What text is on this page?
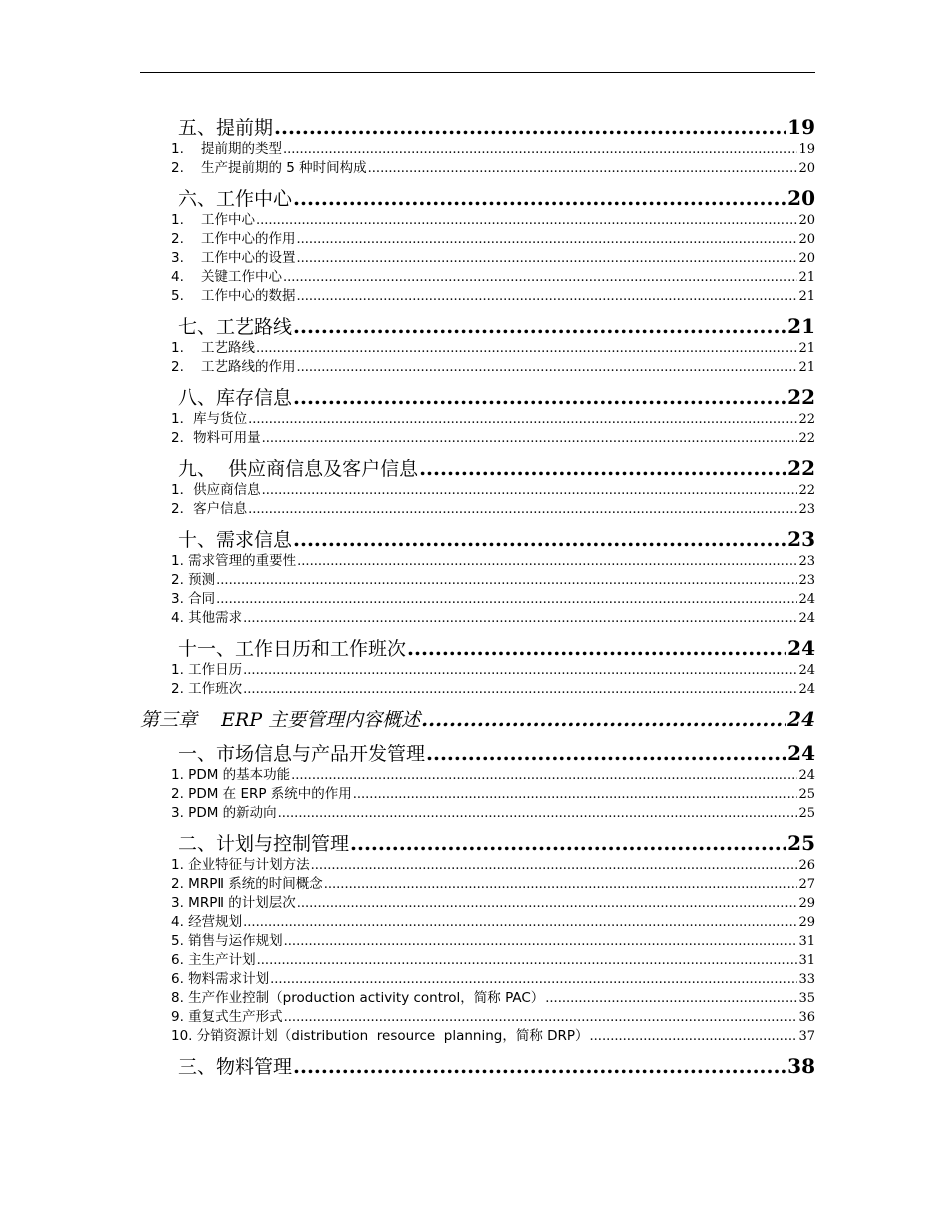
五、提前期 .....	19
1. 提前期的类型 .....	19
2. 生产提前期的 5 种时间构成 .....	20
六、工作中心 .....	20
1. 工作中心 .....	20
2. 工作中心的作用 .....	20
3. 工作中心的设置 .....	20
4. 关键工作中心 .....	21
5. 工作中心的数据 .....	21
七、工艺路线 .....	21
1. 工艺路线 .....	21
2. 工艺路线的作用 .....	21
八、库存信息 .....	22
1．库与货位 .....	22
2．物料可用量 .....	22
九、  供应商信息及客户信息 .....	22
1．供应商信息 .....	22
2．客户信息 .....	23
十、需求信息 .....	23
1. 需求管理的重要性 .....	23
2. 预测 .....	23
3. 合同 .....	24
4. 其他需求 .....	24
十一、工作日历和工作班次 .....	24
1. 工作日历 .....	24
2. 工作班次 .....	24
第三章    ERP 主要管理内容概述 .....	24
一、市场信息与产品开发管理 .....	24
1. PDM 的基本功能 .....	24
2. PDM 在 ERP 系统中的作用 .....	25
3. PDM 的新动向 .....	25
二、计划与控制管理 .....	25
1. 企业特征与计划方法 .....	26
2. MRPⅡ 系统的时间概念 .....	27
3. MRPⅡ 的计划层次 .....	29
4. 经营规划 .....	29
5. 销售与运作规划 .....	31
6. 主生产计划 .....	31
6. 物料需求计划 .....	33
8. 生产作业控制（production activity control，简称 PAC） .....	35
9. 重复式生产形式 .....	36
10. 分销资源计划（distribution  resource  planning，简称 DRP） .....	37
三、物料管理 .....	38
